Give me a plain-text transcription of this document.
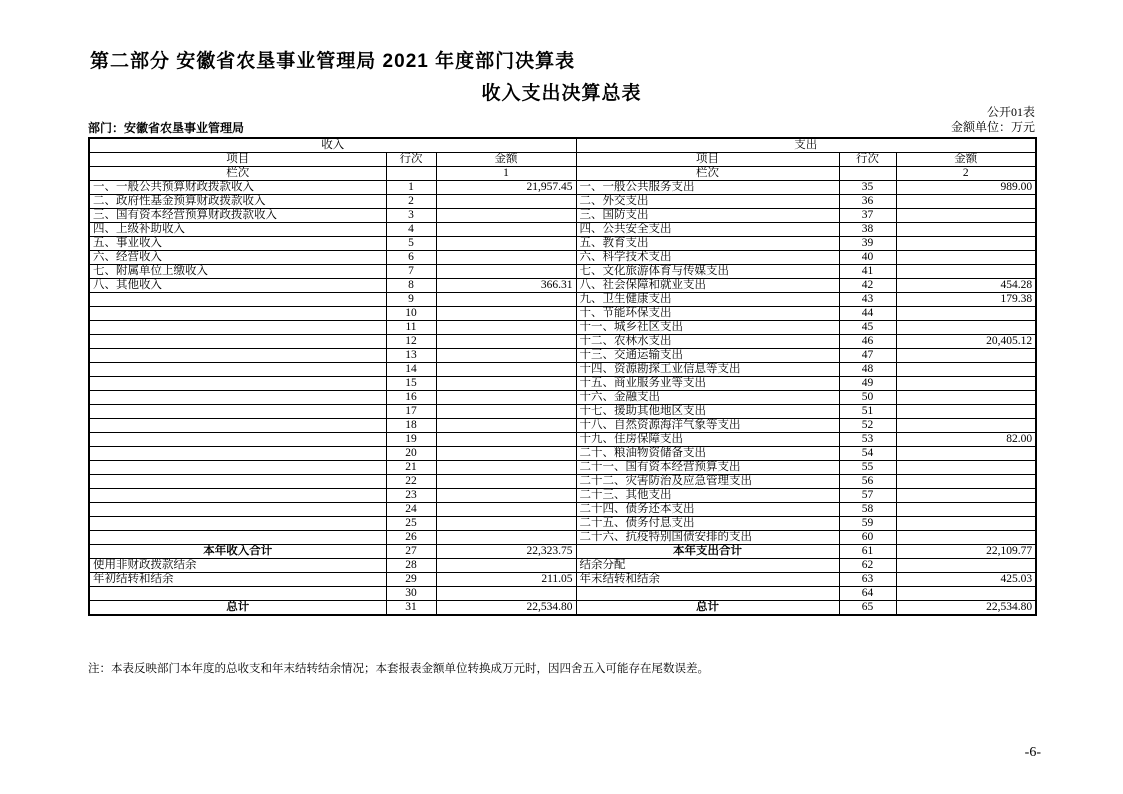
第二部分 安徽省农垦事业管理局 2021 年度部门决算表
收入支出决算总表
公开01表
部门：安徽省农垦事业管理局	金额单位：万元
收入			支出		
项目	行次	金额	项目	行次	金额
栏次		1	栏次		2
一、一般公共预算财政拨款收入	1	21,957.45	一、一般公共服务支出	35	989.00
二、政府性基金预算财政拨款收入	2		二、外交支出	36	
三、国有资本经营预算财政拨款收入	3		三、国防支出	37	
四、上级补助收入	4		四、公共安全支出	38	
五、事业收入	5		五、教育支出	39	
六、经营收入	6		六、科学技术支出	40	
七、附属单位上缴收入	7		七、文化旅游体育与传媒支出	41	
八、其他收入	8	366.31	八、社会保障和就业支出	42	454.28
	9		九、卫生健康支出	43	179.38
	10		十、节能环保支出	44	
	11		十一、城乡社区支出	45	
	12		十二、农林水支出	46	20,405.12
	13		十三、交通运输支出	47	
	14		十四、资源勘探工业信息等支出	48	
	15		十五、商业服务业等支出	49	
	16		十六、金融支出	50	
	17		十七、援助其他地区支出	51	
	18		十八、自然资源海洋气象等支出	52	
	19		十九、住房保障支出	53	82.00
	20		二十、粮油物资储备支出	54	
	21		二十一、国有资本经营预算支出	55	
	22		二十二、灾害防治及应急管理支出	56	
	23		二十三、其他支出	57	
	24		二十四、债务还本支出	58	
	25		二十五、债务付息支出	59	
	26		二十六、抗疫特别国债安排的支出	60	
本年收入合计	27	22,323.75	本年支出合计	61	22,109.77
使用非财政拨款结余	28		结余分配	62	
年初结转和结余	29	211.05	年末结转和结余	63	425.03
	30			64	
总计	31	22,534.80	总计	65	22,534.80
注：本表反映部门本年度的总收支和年末结转结余情况；本套报表金额单位转换成万元时，因四舍五入可能存在尾数误差。
-6-
